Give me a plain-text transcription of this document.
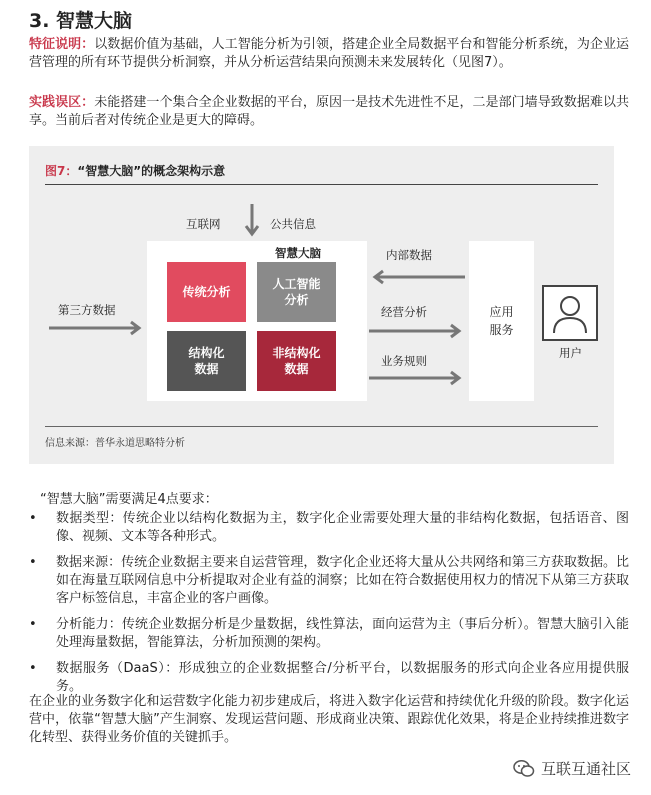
3. 智慧大脑
特征说明：以数据价值为基础，人工智能分析为引领，搭建企业全局数据平台和智能分析系统，为企业运营管理的所有环节提供分析洞察，并从分析运营结果向预测未来发展转化（见图7）。
实践误区：未能搭建一个集合全企业数据的平台，原因一是技术先进性不足，二是部门墙导致数据难以共享。当前后者对传统企业是更大的障碍。
图7：“智慧大脑”的概念架构示意
互联网	公共信息
智慧大脑
传统分析
人工智能
分析
结构化
数据
非结构化
数据
第三方数据
内部数据
经营分析
业务规则
应用
服务
用户
信息来源：普华永道思略特分析
“智慧大脑”需要满足4点要求：
• 数据类型：传统企业以结构化数据为主，数字化企业需要处理大量的非结构化数据，包括语音、图像、视频、文本等各种形式。
• 数据来源：传统企业数据主要来自运营管理，数字化企业还将大量从公共网络和第三方获取数据。比如在海量互联网信息中分析提取对企业有益的洞察；比如在符合数据使用权力的情况下从第三方获取客户标签信息，丰富企业的客户画像。
• 分析能力：传统企业数据分析是少量数据，线性算法，面向运营为主（事后分析）。智慧大脑引入能处理海量数据，智能算法，分析加预测的架构。
• 数据服务（DaaS）：形成独立的企业数据整合/分析平台，以数据服务的形式向企业各应用提供服务。
在企业的业务数字化和运营数字化能力初步建成后，将进入数字化运营和持续优化升级的阶段。数字化运营中，依靠“智慧大脑”产生洞察、发现运营问题、形成商业决策、跟踪优化效果，将是企业持续推进数字化转型、获得业务价值的关键抓手。
互联互通社区
